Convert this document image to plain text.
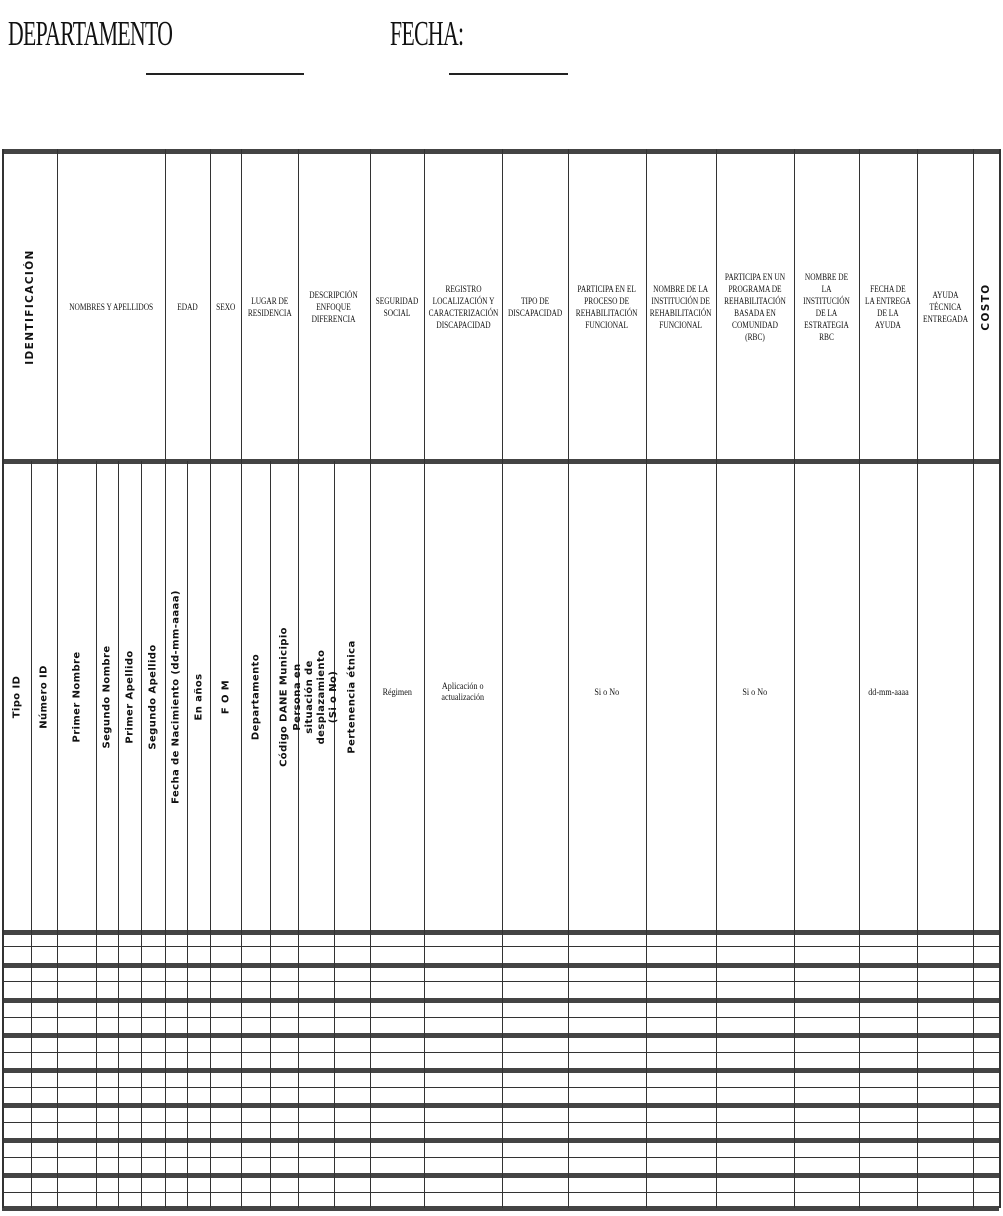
DEPARTAMENTO	FECHA:
IDENTIFICACIÓN
Tipo ID Número ID
NOMBRES Y APELLIDOS
Primer Nombre Segundo Nombre Primer Apellido Segundo Apellido
EDAD
Fecha de Nacimiento (dd-mm-aaaa) En años
SEXO
F O M
LUGAR DE
RESIDENCIA
Departamento Código DANE Municipio
DESCRIPCIÓN
ENFOQUE
DIFERENCIA
Persona en situación de
desplazamiento (Si o No) Pertenencia étnica
SEGURIDAD
SOCIAL
Régimen
REGISTRO
LOCALIZACIÓN Y
CARACTERIZACIÓN
DISCAPACIDAD
Aplicación o
actualización
TIPO DE
DISCAPACIDAD
PARTICIPA EN EL
PROCESO DE
REHABILITACIÓN
FUNCIONAL
Si o No
NOMBRE DE LA
INSTITUCIÓN DE
REHABILITACIÓN
FUNCIONAL
PARTICIPA EN UN
PROGRAMA DE
REHABILITACIÓN
BASADA EN
COMUNIDAD (RBC)
Si o No
NOMBRE DE LA
INSTITUCIÓN
DE LA
ESTRATEGIA
RBC
FECHA DE
LA ENTREGA
DE LA
AYUDA
dd-mm-aaaa
AYUDA
TÉCNICA
ENTREGADA COSTO
